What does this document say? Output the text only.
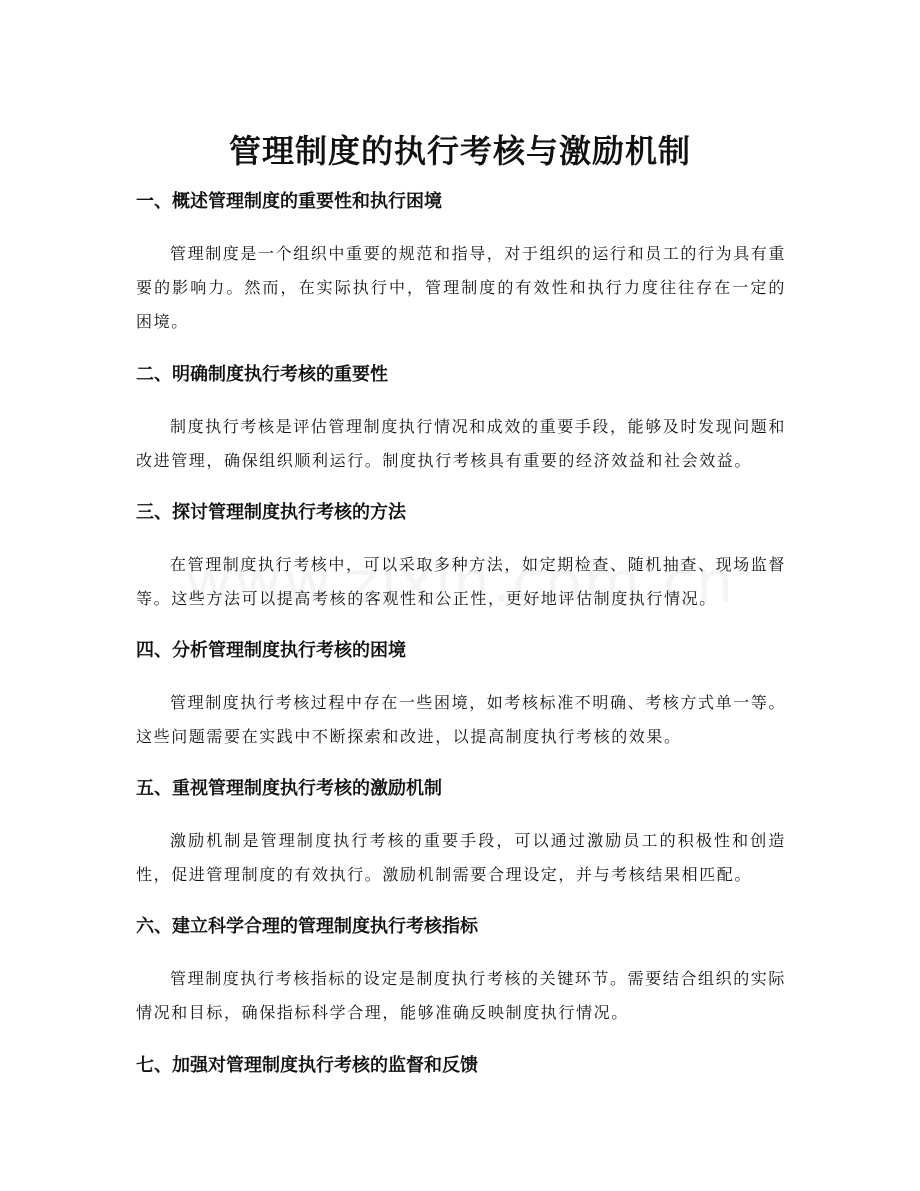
管理制度的执行考核与激励机制
一、概述管理制度的重要性和执行困境

管理制度是一个组织中重要的规范和指导，对于组织的运行和员工的行为具有重要的影响力。然而，在实际执行中，管理制度的有效性和执行力度往往存在一定的困境。

二、明确制度执行考核的重要性

制度执行考核是评估管理制度执行情况和成效的重要手段，能够及时发现问题和改进管理，确保组织顺利运行。制度执行考核具有重要的经济效益和社会效益。

三、探讨管理制度执行考核的方法

在管理制度执行考核中，可以采取多种方法，如定期检查、随机抽查、现场监督等。这些方法可以提高考核的客观性和公正性，更好地评估制度执行情况。

四、分析管理制度执行考核的困境

管理制度执行考核过程中存在一些困境，如考核标准不明确、考核方式单一等。这些问题需要在实践中不断探索和改进，以提高制度执行考核的效果。

五、重视管理制度执行考核的激励机制

激励机制是管理制度执行考核的重要手段，可以通过激励员工的积极性和创造性，促进管理制度的有效执行。激励机制需要合理设定，并与考核结果相匹配。

六、建立科学合理的管理制度执行考核指标

管理制度执行考核指标的设定是制度执行考核的关键环节。需要结合组织的实际情况和目标，确保指标科学合理，能够准确反映制度执行情况。

七、加强对管理制度执行考核的监督和反馈
